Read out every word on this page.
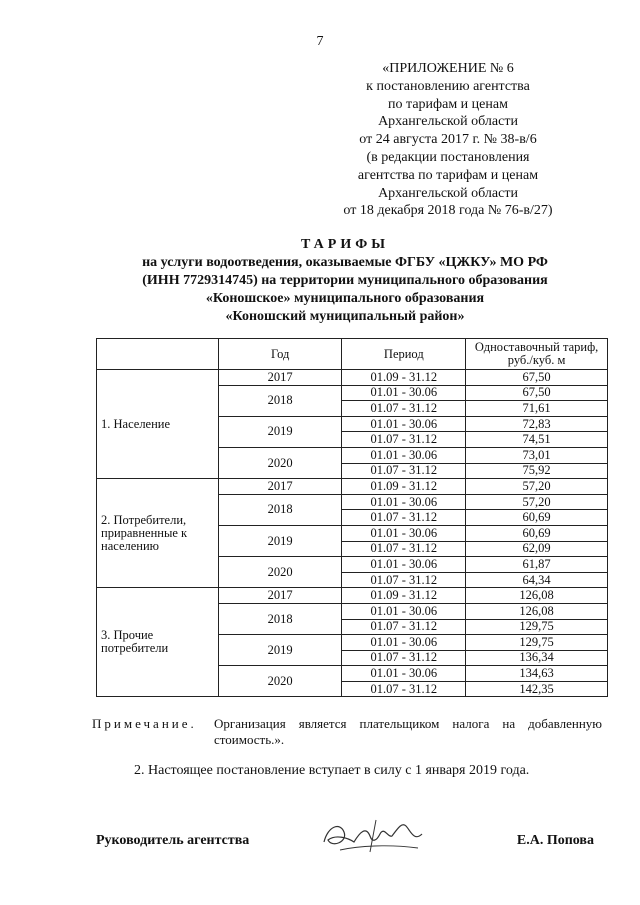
7
«ПРИЛОЖЕНИЕ № 6
к постановлению агентства
по тарифам и ценам
Архангельской области
от 24 августа 2017 г. № 38-в/6
(в редакции постановления
агентства по тарифам и ценам
Архангельской области
от 18 декабря 2018 года № 76-в/27)
ТАРИФЫ
на услуги водоотведения, оказываемые ФГБУ «ЦЖКУ» МО РФ
(ИНН 7729314745) на территории муниципального образования
«Коношское» муниципального образования
«Коношский муниципальный район»
	Год	Период	Одноставочный тариф, руб./куб. м
1. Население	2017	01.09 - 31.12	67,50
	2018	01.01 - 30.06	67,50
		01.07 - 31.12	71,61
	2019	01.01 - 30.06	72,83
		01.07 - 31.12	74,51
	2020	01.01 - 30.06	73,01
		01.07 - 31.12	75,92
2. Потребители, приравненные к населению	2017	01.09 - 31.12	57,20
	2018	01.01 - 30.06	57,20
		01.07 - 31.12	60,69
	2019	01.01 - 30.06	60,69
		01.07 - 31.12	62,09
	2020	01.01 - 30.06	61,87
		01.07 - 31.12	64,34
3. Прочие потребители	2017	01.09 - 31.12	126,08
	2018	01.01 - 30.06	126,08
		01.07 - 31.12	129,75
	2019	01.01 - 30.06	129,75
		01.07 - 31.12	136,34
	2020	01.01 - 30.06	134,63
		01.07 - 31.12	142,35
Примечание. Организация является плательщиком налога на добавленную стоимость.».
2. Настоящее постановление вступает в силу с 1 января 2019 года.
Руководитель агентства	Е.А. Попова
